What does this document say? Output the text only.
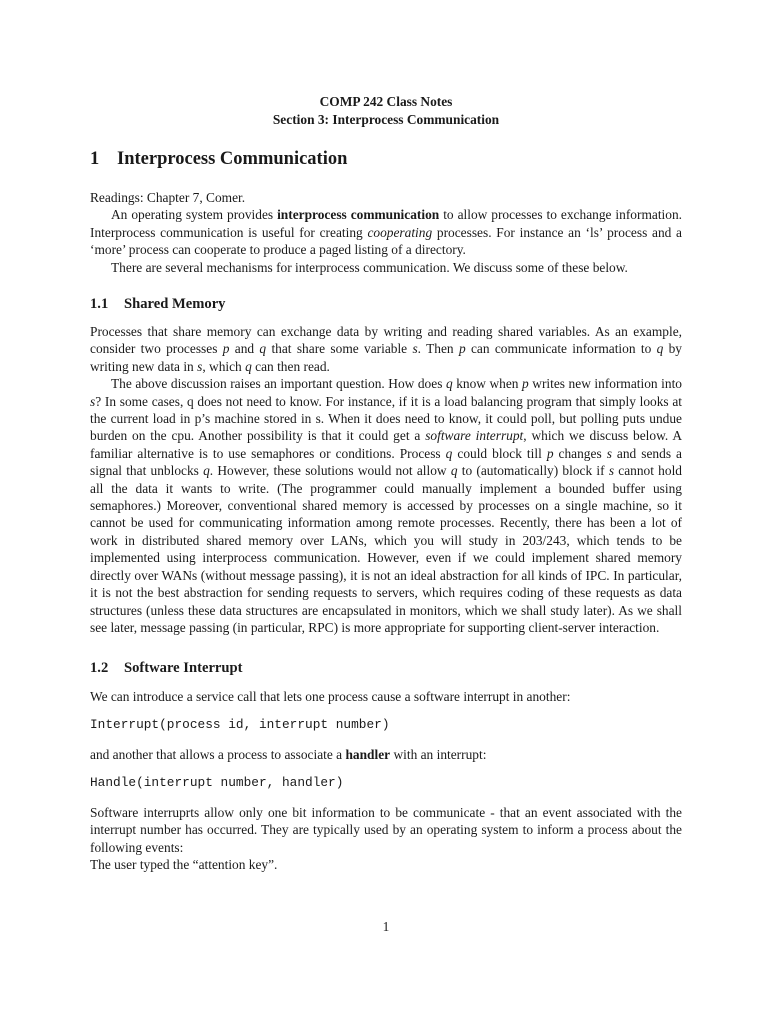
COMP 242 Class Notes
Section 3: Interprocess Communication
1 Interprocess Communication

Readings: Chapter 7, Comer.

An operating system provides interprocess communication to allow processes to exchange information. Interprocess communication is useful for creating cooperating processes. For instance an ‘ls’ process and a ‘more’ process can cooperate to produce a paged listing of a directory.

There are several mechanisms for interprocess communication. We discuss some of these below.

1.1 Shared Memory

Processes that share memory can exchange data by writing and reading shared variables. As an example, consider two processes p and q that share some variable s. Then p can communicate information to q by writing new data in s, which q can then read.

The above discussion raises an important question. How does q know when p writes new information into s? In some cases, q does not need to know. For instance, if it is a load balancing program that simply looks at the current load in p’s machine stored in s. When it does need to know, it could poll, but polling puts undue burden on the cpu. Another possibility is that it could get a software interrupt, which we discuss below. A familiar alternative is to use semaphores or conditions. Process q could block till p changes s and sends a signal that unblocks q. However, these solutions would not allow q to (automatically) block if s cannot hold all the data it wants to write. (The programmer could manually implement a bounded buffer using semaphores.) Moreover, conventional shared memory is accessed by processes on a single machine, so it cannot be used for communicating information among remote processes. Recently, there has been a lot of work in distributed shared memory over LANs, which you will study in 203/243, which tends to be implemented using interprocess communication. However, even if we could implement shared memory directly over WANs (without message passing), it is not an ideal abstraction for all kinds of IPC. In particular, it is not the best abstraction for sending requests to servers, which requires coding of these requests as data structures (unless these data structures are encapsulated in monitors, which we shall study later). As we shall see later, message passing (in particular, RPC) is more appropriate for supporting client-server interaction.

1.2 Software Interrupt
We can introduce a service call that lets one process cause a software interrupt in another:
Interrupt(process id, interrupt number)
and another that allows a process to associate a handler with an interrupt:
Handle(interrupt number, handler)

Software interruprts allow only one bit information to be communicate - that an event associated with the interrupt number has occurred. They are typically used by an operating system to inform a process about the following events:

The user typed the “attention key”.

1
